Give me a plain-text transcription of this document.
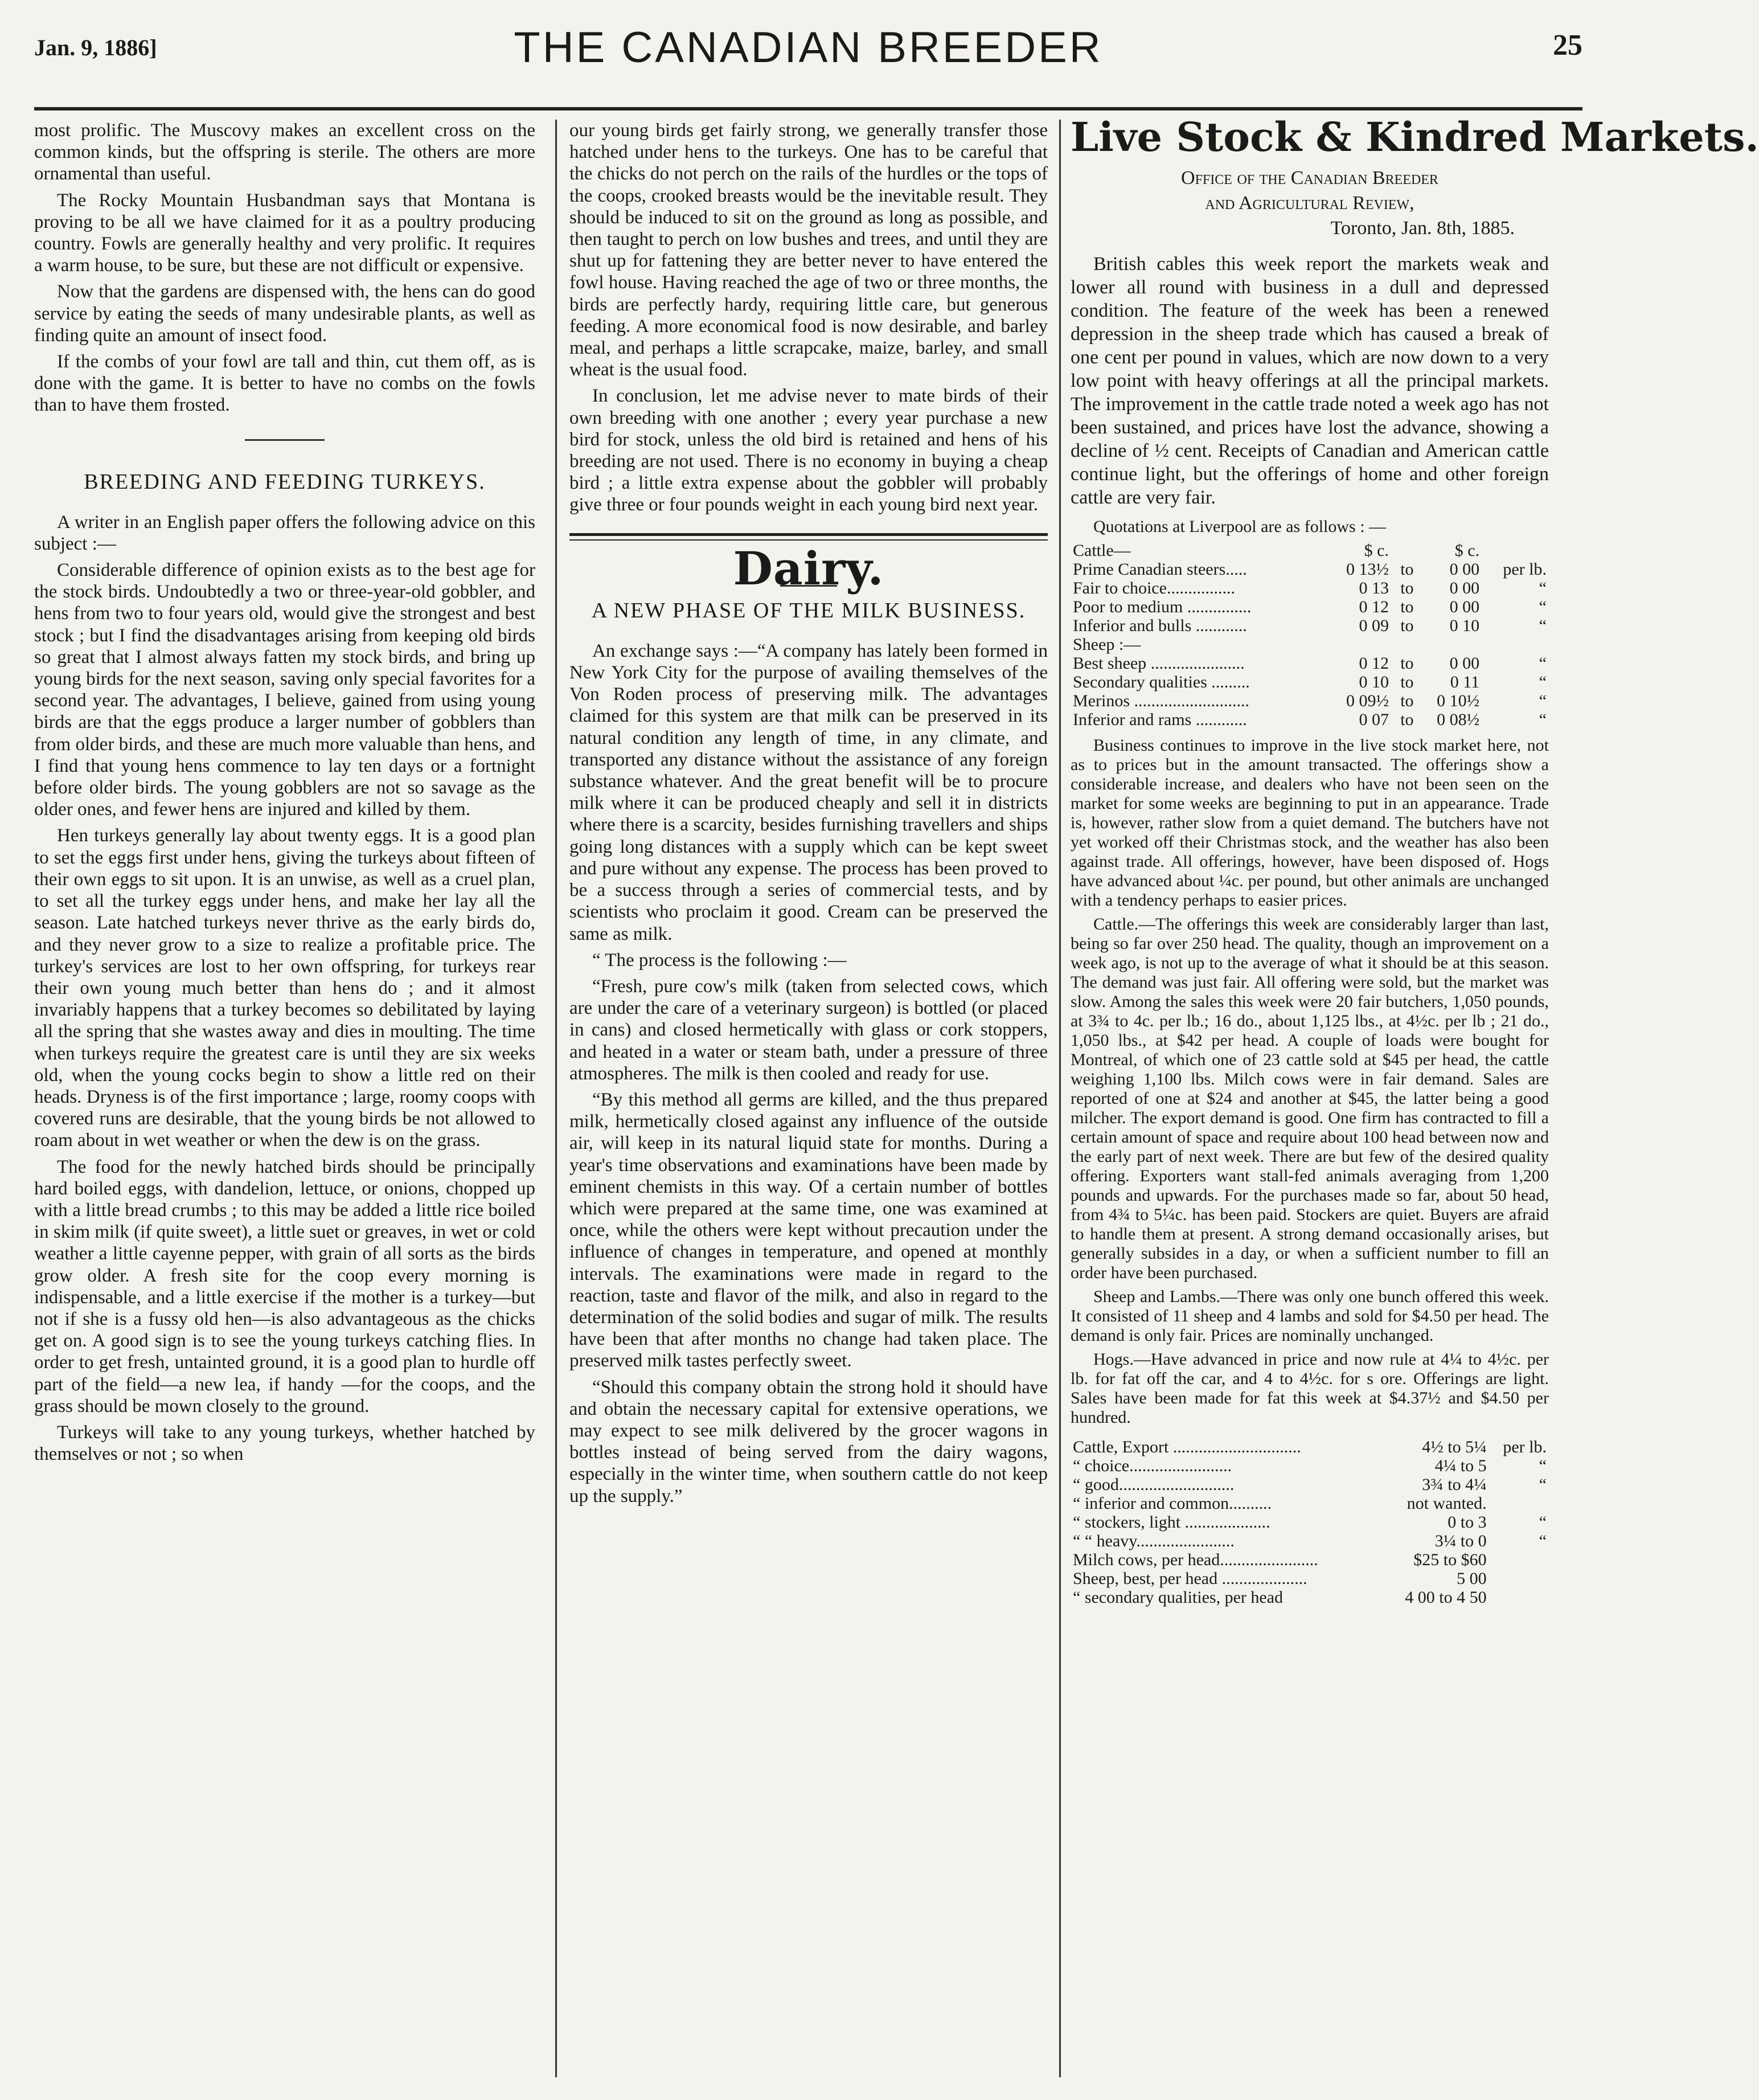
Jan. 9, 1886]	THE CANADIAN BREEDER	25

most prolific. The Muscovy makes an excellent cross on the common kinds, but the offspring is sterile. The others are more ornamental than useful.

The Rocky Mountain Husbandman says that Montana is proving to be all we have claimed for it as a poultry producing country. Fowls are generally healthy and very prolific. It requires a warm house, to be sure, but these are not difficult or expensive.

Now that the gardens are dispensed with, the hens can do good service by eating the seeds of many undesirable plants, as well as finding quite an amount of insect food.

If the combs of your fowl are tall and thin, cut them off, as is done with the game. It is better to have no combs on the fowls than to have them frosted.

BREEDING AND FEEDING TURKEYS.

A writer in an English paper offers the following advice on this subject :—

Considerable difference of opinion exists as to the best age for the stock birds. Undoubtedly a two or three-year-old gobbler, and hens from two to four years old, would give the strongest and best stock ; but I find the disadvantages arising from keeping old birds so great that I almost always fatten my stock birds, and bring up young birds for the next season, saving only special favorites for a second year. The advantages, I believe, gained from using young birds are that the eggs produce a larger number of gobblers than from older birds, and these are much more valuable than hens, and I find that young hens commence to lay ten days or a fortnight before older birds. The young gobblers are not so savage as the older ones, and fewer hens are injured and killed by them.

Hen turkeys generally lay about twenty eggs. It is a good plan to set the eggs first under hens, giving the turkeys about fifteen of their own eggs to sit upon. It is an unwise, as well as a cruel plan, to set all the turkey eggs under hens, and make her lay all the season. Late hatched turkeys never thrive as the early birds do, and they never grow to a size to realize a profitable price. The turkey's services are lost to her own offspring, for turkeys rear their own young much better than hens do ; and it almost invariably happens that a turkey becomes so debilitated by laying all the spring that she wastes away and dies in moulting. The time when turkeys require the greatest care is until they are six weeks old, when the young cocks begin to show a little red on their heads. Dryness is of the first importance ; large, roomy coops with covered runs are desirable, that the young birds be not allowed to roam about in wet weather or when the dew is on the grass.

The food for the newly hatched birds should be principally hard boiled eggs, with dandelion, lettuce, or onions, chopped up with a little bread crumbs ; to this may be added a little rice boiled in skim milk (if quite sweet), a little suet or greaves, in wet or cold weather a little cayenne pepper, with grain of all sorts as the birds grow older. A fresh site for the coop every morning is indispensable, and a little exercise if the mother is a turkey—but not if she is a fussy old hen—is also advantageous as the chicks get on. A good sign is to see the young turkeys catching flies. In order to get fresh, untainted ground, it is a good plan to hurdle off part of the field—a new lea, if handy —for the coops, and the grass should be mown closely to the ground.

Turkeys will take to any young turkeys, whether hatched by themselves or not ; so when

our young birds get fairly strong, we generally transfer those hatched under hens to the turkeys. One has to be careful that the chicks do not perch on the rails of the hurdles or the tops of the coops, crooked breasts would be the inevitable result. They should be induced to sit on the ground as long as possible, and then taught to perch on low bushes and trees, and until they are shut up for fattening they are better never to have entered the fowl house. Having reached the age of two or three months, the birds are perfectly hardy, requiring little care, but generous feeding. A more economical food is now desirable, and barley meal, and perhaps a little scrapcake, maize, barley, and small wheat is the usual food.

In conclusion, let me advise never to mate birds of their own breeding with one another ; every year purchase a new bird for stock, unless the old bird is retained and hens of his breeding are not used. There is no economy in buying a cheap bird ; a little extra expense about the gobbler will probably give three or four pounds weight in each young bird next year.

Dairy.
A NEW PHASE OF THE MILK BUSINESS.

An exchange says :—“A company has lately been formed in New York City for the purpose of availing themselves of the Von Roden process of preserving milk. The advantages claimed for this system are that milk can be preserved in its natural condition any length of time, in any climate, and transported any distance without the assistance of any foreign substance whatever. And the great benefit will be to procure milk where it can be produced cheaply and sell it in districts where there is a scarcity, besides furnishing travellers and ships going long distances with a supply which can be kept sweet and pure without any expense. The process has been proved to be a success through a series of commercial tests, and by scientists who proclaim it good. Cream can be preserved the same as milk.

“ The process is the following :—

“Fresh, pure cow's milk (taken from selected cows, which are under the care of a veterinary surgeon) is bottled (or placed in cans) and closed hermetically with glass or cork stoppers, and heated in a water or steam bath, under a pressure of three atmospheres. The milk is then cooled and ready for use.

“By this method all germs are killed, and the thus prepared milk, hermetically closed against any influence of the outside air, will keep in its natural liquid state for months. During a year's time observations and examinations have been made by eminent chemists in this way. Of a certain number of bottles which were prepared at the same time, one was examined at once, while the others were kept without precaution under the influence of changes in temperature, and opened at monthly intervals. The examinations were made in regard to the reaction, taste and flavor of the milk, and also in regard to the determination of the solid bodies and sugar of milk. The results have been that after months no change had taken place. The preserved milk tastes perfectly sweet.

“Should this company obtain the strong hold it should have and obtain the necessary capital for extensive operations, we may expect to see milk delivered by the grocer wagons in bottles instead of being served from the dairy wagons, especially in the winter time, when southern cattle do not keep up the supply.”

Live Stock & Kindred Markets.
Office of the Canadian Breeder
and Agricultural Review,
Toronto, Jan. 8th, 1885.

British cables this week report the markets weak and lower all round with business in a dull and depressed condition. The feature of the week has been a renewed depression in the sheep trade which has caused a break of one cent per pound in values, which are now down to a very low point with heavy offerings at all the principal markets. The improvement in the cattle trade noted a week ago has not been sustained, and prices have lost the advance, showing a decline of ½ cent. Receipts of Canadian and American cattle continue light, but the offerings of home and other foreign cattle are very fair.

Quotations at Liverpool are as follows : —

Cattle—	$ c.		$ c.	
Prime Canadian steers.....	0 13½	to	0 00	per lb.
Fair to choice................	0 13	to	0 00	“
Poor to medium ...............	0 12	to	0 00	“
Inferior and bulls ............	0 09	to	0 10	“
Sheep :—				
Best sheep ......................	0 12	to	0 00	“
Secondary qualities .........	0 10	to	0 11	“
Merinos ...........................	0 09½	to	0 10½	“
Inferior and rams ............	0 07	to	0 08½	“

Business continues to improve in the live stock market here, not as to prices but in the amount transacted. The offerings show a considerable increase, and dealers who have not been seen on the market for some weeks are beginning to put in an appearance. Trade is, however, rather slow from a quiet demand. The butchers have not yet worked off their Christmas stock, and the weather has also been against trade. All offerings, however, have been disposed of. Hogs have advanced about ¼c. per pound, but other animals are unchanged with a tendency perhaps to easier prices.

Cattle.—The offerings this week are considerably larger than last, being so far over 250 head. The quality, though an improvement on a week ago, is not up to the average of what it should be at this season. The demand was just fair. All offering were sold, but the market was slow. Among the sales this week were 20 fair butchers, 1,050 pounds, at 3¾ to 4c. per lb.; 16 do., about 1,125 lbs., at 4½c. per lb ; 21 do., 1,050 lbs., at $42 per head. A couple of loads were bought for Montreal, of which one of 23 cattle sold at $45 per head, the cattle weighing 1,100 lbs. Milch cows were in fair demand. Sales are reported of one at $24 and another at $45, the latter being a good milcher. The export demand is good. One firm has contracted to fill a certain amount of space and require about 100 head between now and the early part of next week. There are but few of the desired quality offering. Exporters want stall-fed animals averaging from 1,200 pounds and upwards. For the purchases made so far, about 50 head, from 4¾ to 5¼c. has been paid. Stockers are quiet. Buyers are afraid to handle them at present. A strong demand occasionally arises, but generally subsides in a day, or when a sufficient number to fill an order have been purchased.

Sheep and Lambs.—There was only one bunch offered this week. It consisted of 11 sheep and 4 lambs and sold for $4.50 per head. The demand is only fair. Prices are nominally unchanged.

Hogs.—Have advanced in price and now rule at 4¼ to 4½c. per lb. for fat off the car, and 4 to 4½c. for s ore. Offerings are light. Sales have been made for fat this week at $4.37½ and $4.50 per hundred.

Cattle, Export ..............................	4½ to 5¼	per lb.
“ choice........................	4¼ to 5	“
“ good...........................	3¾ to 4¼	“
“ inferior and common..........	not wanted.	
“ stockers, light ....................	0 to 3	“
“ “ heavy.......................	3¼ to 0	“
Milch cows, per head.......................	$25 to $60	
Sheep, best, per head ....................	5 00	
“ secondary qualities, per head	4 00 to 4 50	
